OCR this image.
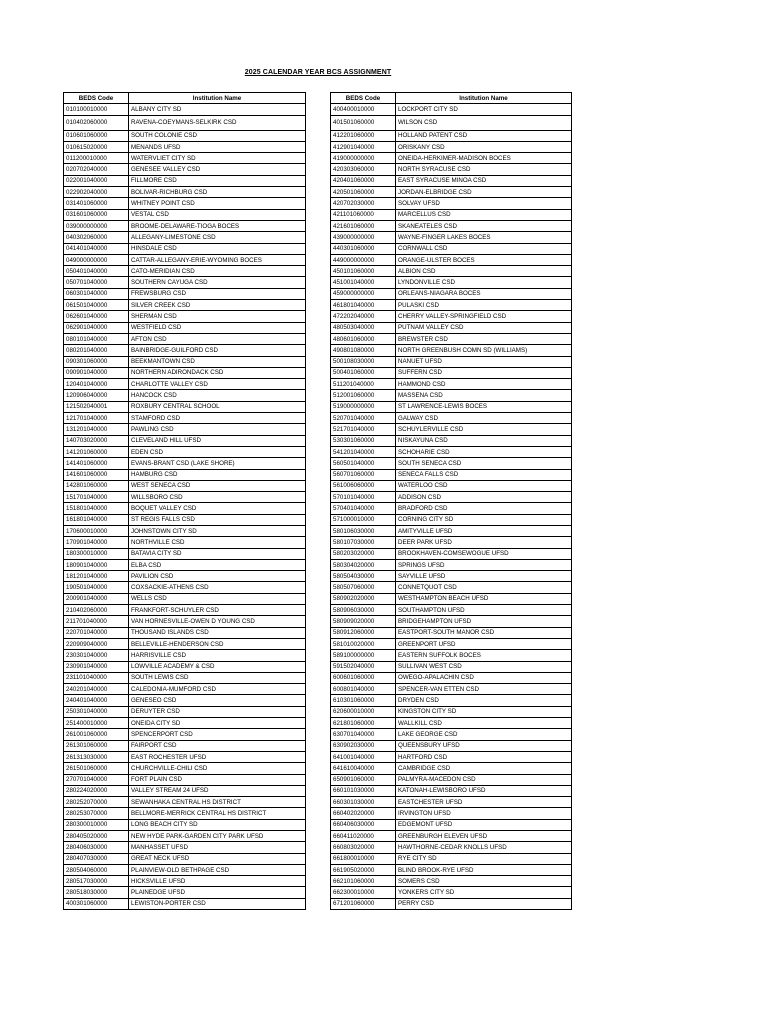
2025 CALENDAR YEAR BCS ASSIGNMENT
BEDS Code	Institution Name
010100010000	ALBANY CITY SD
010402060000	RAVENA-COEYMANS-SELKIRK CSD
010601060000	SOUTH COLONIE CSD
010615020000	MENANDS UFSD
011200010000	WATERVLIET CITY SD
020702040000	GENESEE VALLEY CSD
022001040000	FILLMORE CSD
022902040000	BOLIVAR-RICHBURG CSD
031401060000	WHITNEY POINT CSD
031601060000	VESTAL CSD
039000000000	BROOME-DELAWARE-TIOGA BOCES
040302060000	ALLEGANY-LIMESTONE CSD
041401040000	HINSDALE CSD
049000000000	CATTAR-ALLEGANY-ERIE-WYOMING BOCES
050401040000	CATO-MERIDIAN CSD
050701040000	SOUTHERN CAYUGA CSD
060301040000	FREWSBURG CSD
061501040000	SILVER CREEK CSD
062601040000	SHERMAN CSD
062901040000	WESTFIELD CSD
080101040000	AFTON CSD
080201040000	BAINBRIDGE-GUILFORD CSD
090301060000	BEEKMANTOWN CSD
090901040000	NORTHERN ADIRONDACK CSD
120401040000	CHARLOTTE VALLEY CSD
120906040000	HANCOCK CSD
121502040001	ROXBURY CENTRAL SCHOOL
121701040000	STAMFORD CSD
131201040000	PAWLING CSD
140703020000	CLEVELAND HILL UFSD
141201060000	EDEN CSD
141401060000	EVANS-BRANT CSD (LAKE SHORE)
141601060000	HAMBURG CSD
142801060000	WEST SENECA CSD
151701040000	WILLSBORO CSD
151801040000	BOQUET VALLEY CSD
161801040000	ST REGIS FALLS CSD
170600010000	JOHNSTOWN CITY SD
170901040000	NORTHVILLE CSD
180300010000	BATAVIA CITY SD
180901040000	ELBA CSD
181201040000	PAVILION CSD
190501040000	COXSACKIE-ATHENS CSD
200901040000	WELLS CSD
210402060000	FRANKFORT-SCHUYLER CSD
211701040000	VAN HORNESVILLE-OWEN D YOUNG CSD
220701040000	THOUSAND ISLANDS CSD
220909040000	BELLEVILLE-HENDERSON CSD
230301040000	HARRISVILLE CSD
230901040000	LOWVILLE ACADEMY & CSD
231101040000	SOUTH LEWIS CSD
240201040000	CALEDONIA-MUMFORD CSD
240401040000	GENESEO CSD
250301040000	DERUYTER CSD
251400010000	ONEIDA CITY SD
261001060000	SPENCERPORT CSD
261301060000	FAIRPORT CSD
261313030000	EAST ROCHESTER UFSD
261501060000	CHURCHVILLE-CHILI CSD
270701040000	FORT PLAIN CSD
280224020000	VALLEY STREAM 24 UFSD
280252070000	SEWANHAKA CENTRAL HS DISTRICT
280253070000	BELLMORE-MERRICK CENTRAL HS DISTRICT
280300010000	LONG BEACH CITY SD
280405020000	NEW HYDE PARK-GARDEN CITY PARK UFSD
280406030000	MANHASSET UFSD
280407030000	GREAT NECK UFSD
280504060000	PLAINVIEW-OLD BETHPAGE CSD
280517030000	HICKSVILLE UFSD
280518030000	PLAINEDGE UFSD
400301060000	LEWISTON-PORTER CSD
BEDS Code	Institution Name
400400010000	LOCKPORT CITY SD
401501060000	WILSON CSD
412201060000	HOLLAND PATENT CSD
412901040000	ORISKANY CSD
419000000000	ONEIDA-HERKIMER-MADISON BOCES
420303060000	NORTH SYRACUSE CSD
420401060000	EAST SYRACUSE MINOA CSD
420501060000	JORDAN-ELBRIDGE CSD
420702030000	SOLVAY UFSD
421101060000	MARCELLUS CSD
421601060000	SKANEATELES CSD
439000000000	WAYNE-FINGER LAKES BOCES
440301060000	CORNWALL CSD
449000000000	ORANGE-ULSTER BOCES
450101060000	ALBION CSD
451001040000	LYNDONVILLE CSD
459000000000	ORLEANS-NIAGARA BOCES
461801040000	PULASKI CSD
472202040000	CHERRY VALLEY-SPRINGFIELD CSD
480503040000	PUTNAM VALLEY CSD
480601060000	BREWSTER CSD
490801080000	NORTH GREENBUSH COMN SD (WILLIAMS)
500108030000	NANUET UFSD
500401060000	SUFFERN CSD
511201040000	HAMMOND CSD
512001060000	MASSENA CSD
519000000000	ST LAWRENCE-LEWIS BOCES
520701040000	GALWAY CSD
521701040000	SCHUYLERVILLE CSD
530301060000	NISKAYUNA CSD
541201040000	SCHOHARIE CSD
560501040000	SOUTH SENECA CSD
560701060000	SENECA FALLS CSD
561006060000	WATERLOO CSD
570101040000	ADDISON CSD
570401040000	BRADFORD CSD
571000010000	CORNING CITY SD
580106030000	AMITYVILLE UFSD
580107030000	DEER PARK UFSD
580203020000	BROOKHAVEN-COMSEWOGUE UFSD
580304020000	SPRINGS UFSD
580504030000	SAYVILLE UFSD
580507060000	CONNETQUOT CSD
580902020000	WESTHAMPTON BEACH UFSD
580906030000	SOUTHAMPTON UFSD
580909020000	BRIDGEHAMPTON UFSD
580912060000	EASTPORT-SOUTH MANOR CSD
581010020000	GREENPORT UFSD
589100000000	EASTERN SUFFOLK BOCES
591502040000	SULLIVAN WEST CSD
600601060000	OWEGO-APALACHIN CSD
600801040000	SPENCER-VAN ETTEN CSD
610301060000	DRYDEN CSD
620600010000	KINGSTON CITY SD
621801060000	WALLKILL CSD
630701040000	LAKE GEORGE CSD
630902030000	QUEENSBURY UFSD
641001040000	HARTFORD CSD
641610040000	CAMBRIDGE CSD
650901060000	PALMYRA-MACEDON CSD
660101030000	KATONAH-LEWISBORO UFSD
660301030000	EASTCHESTER UFSD
660402020000	IRVINGTON UFSD
660406030000	EDGEMONT UFSD
660411020000	GREENBURGH ELEVEN UFSD
660803020000	HAWTHORNE-CEDAR KNOLLS UFSD
661800010000	RYE CITY SD
661905020000	BLIND BROOK-RYE UFSD
662101060000	SOMERS CSD
662300010000	YONKERS CITY SD
671201060000	PERRY CSD
